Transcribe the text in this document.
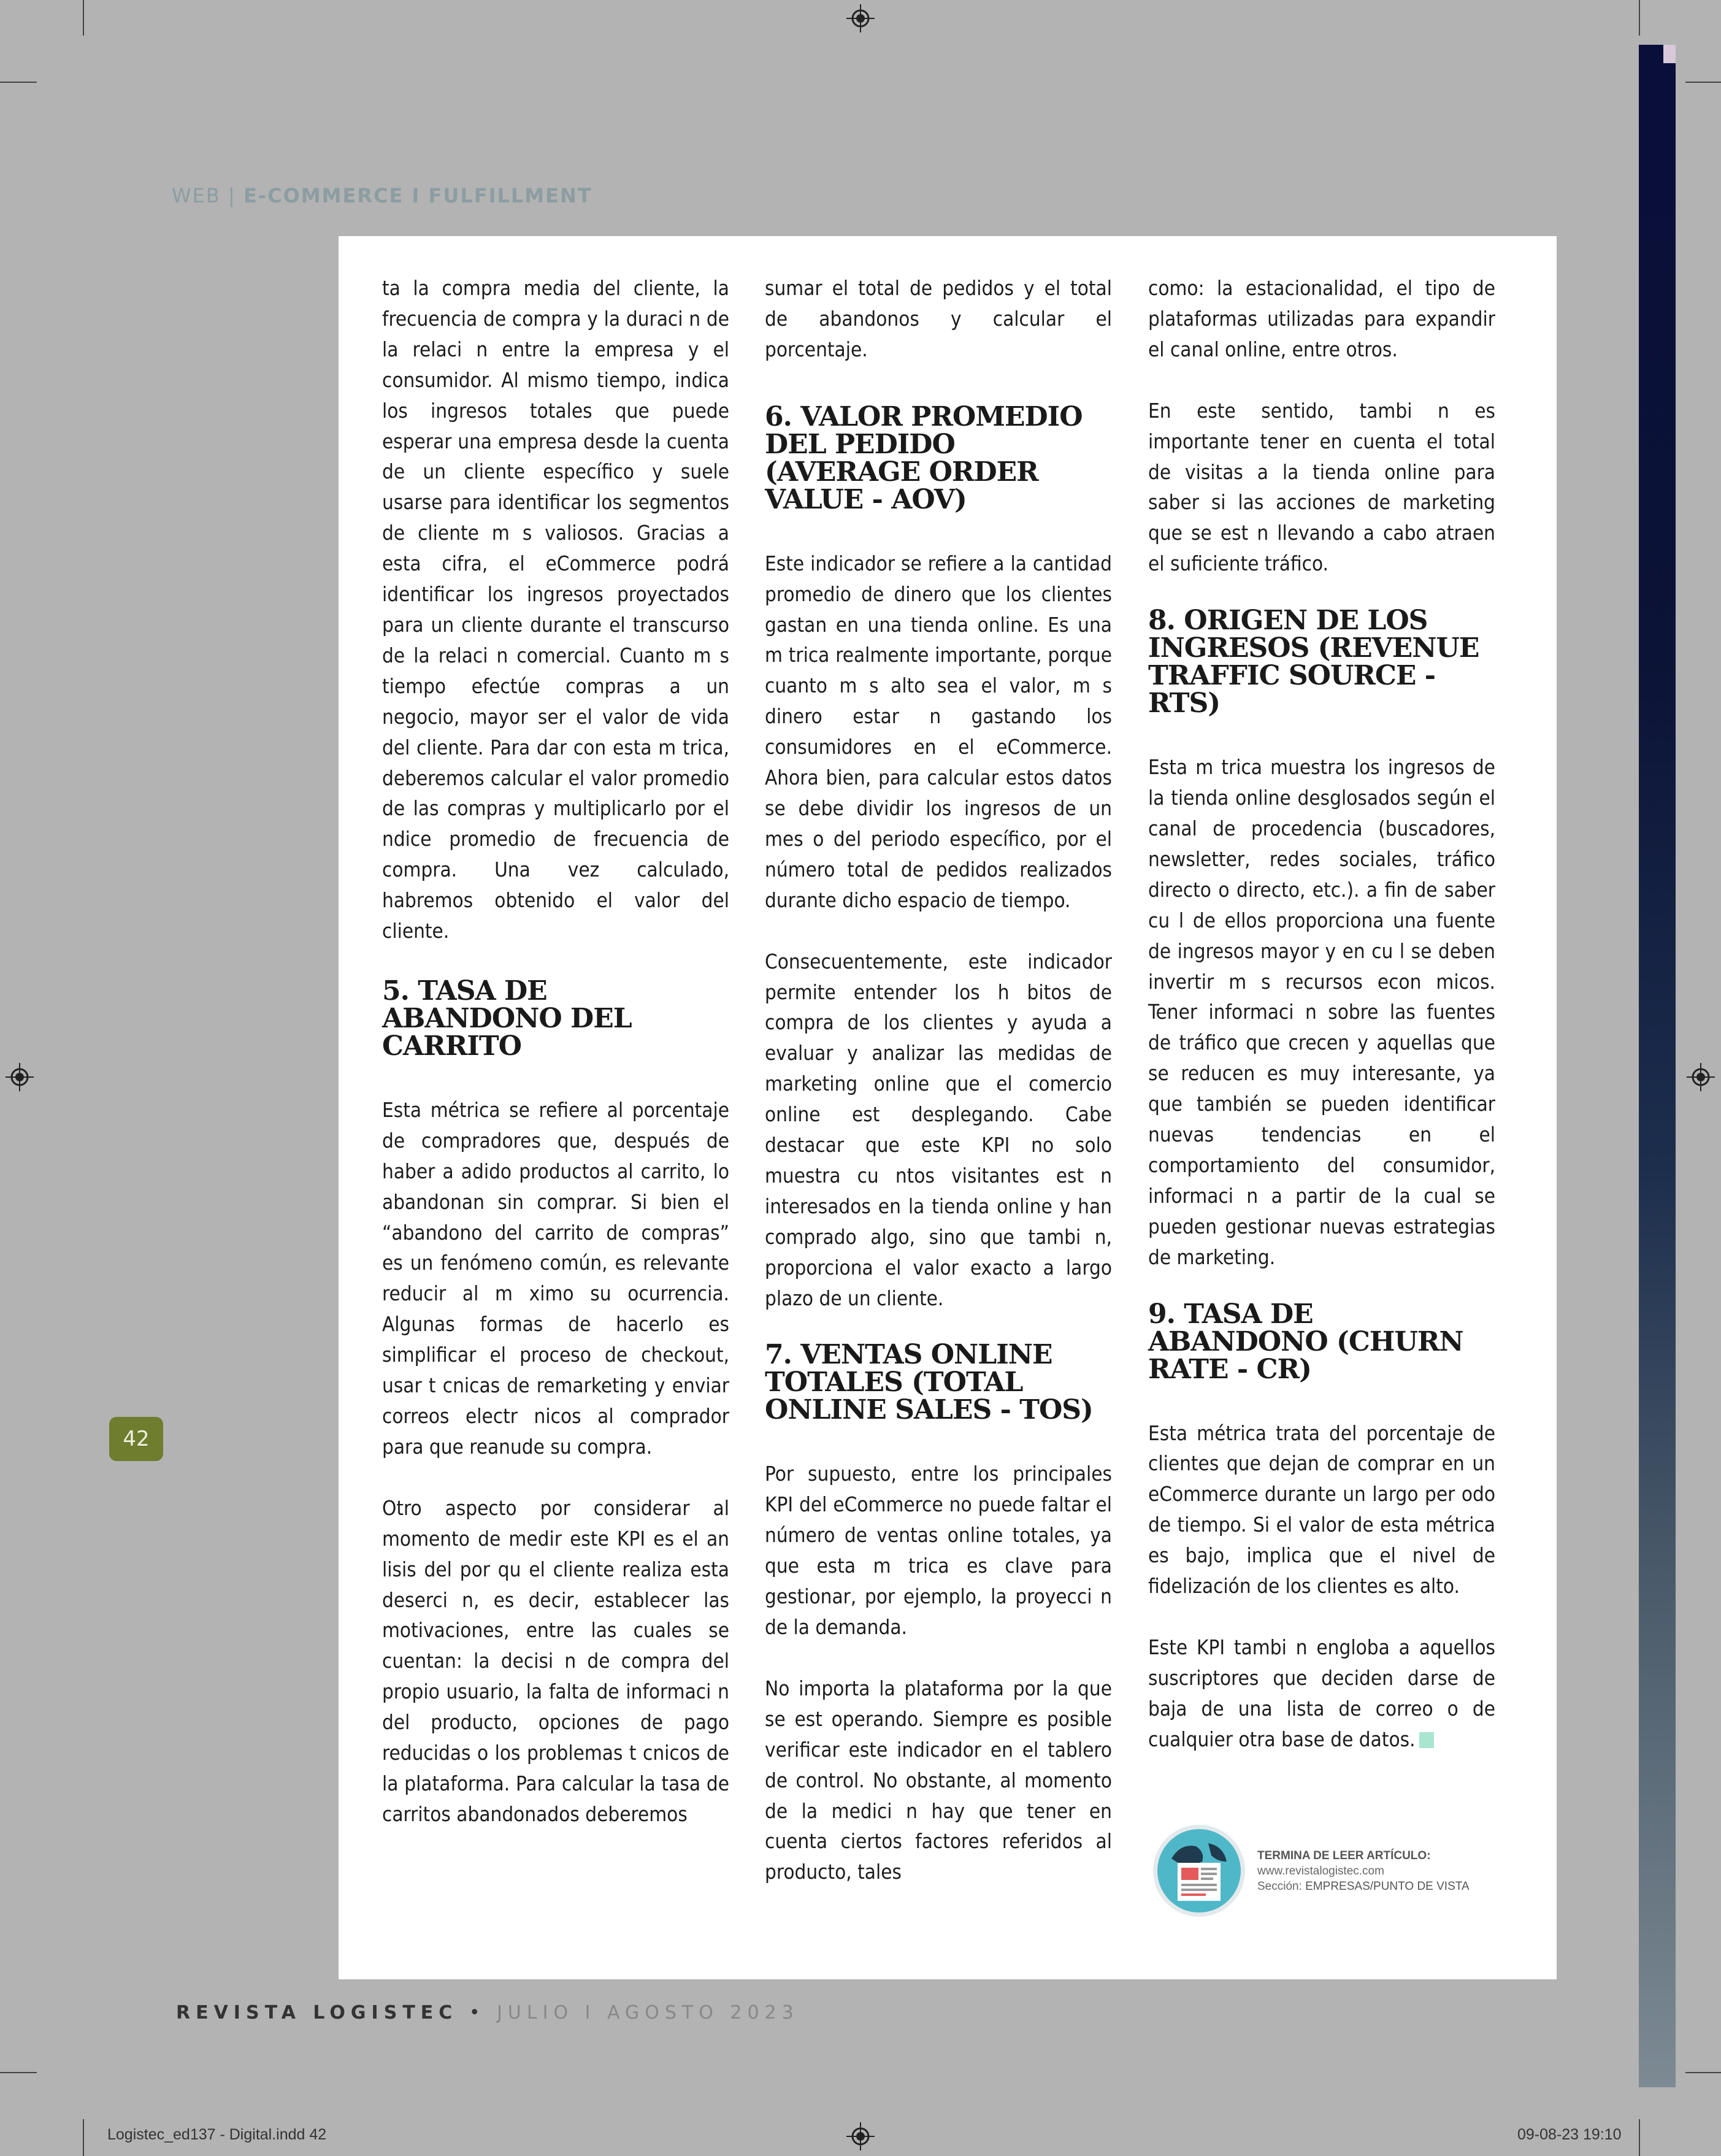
WEB | E-COMMERCE I FULFILLMENT

ta la compra media del cliente, la frecuencia de compra y la duraci n de la relaci n entre la empresa y el consumidor. Al mismo tiempo, indica los ingresos totales que puede esperar una empresa desde la cuenta de un cliente específico y suele usarse para identificar los segmentos de cliente m s valiosos. Gracias a esta cifra, el eCommerce podrá identificar los ingresos proyectados para un cliente durante el transcurso de la relaci n comercial. Cuanto m s tiempo efectúe compras a un negocio, mayor ser el valor de vida del cliente. Para dar con esta m trica, deberemos calcular el valor promedio de las compras y multiplicarlo por el ndice promedio de frecuencia de compra. Una vez calculado, habremos obtenido el valor del cliente.

5. TASA DE ABANDONO DEL CARRITO

Esta métrica se refiere al porcentaje de compradores que, después de haber a adido productos al carrito, lo abandonan sin comprar. Si bien el “abandono del carrito de compras” es un fenómeno común, es relevante reducir al m ximo su ocurrencia. Algunas formas de hacerlo es simplificar el proceso de checkout, usar t cnicas de remarketing y enviar correos electr nicos al comprador para que reanude su compra.

Otro aspecto por considerar al momento de medir este KPI es el an lisis del por qu el cliente realiza esta deserci n, es decir, establecer las motivaciones, entre las cuales se cuentan: la decisi n de compra del propio usuario, la falta de informaci n del producto, opciones de pago reducidas o los problemas t cnicos de la plataforma. Para calcular la tasa de carritos abandonados deberemos

sumar el total de pedidos y el total de abandonos y calcular el porcentaje.

6. VALOR PROMEDIO DEL PEDIDO (AVERAGE ORDER VALUE - AOV)

Este indicador se refiere a la cantidad promedio de dinero que los clientes gastan en una tienda online. Es una m trica realmente importante, porque cuanto m s alto sea el valor, m s dinero estar n gastando los consumidores en el eCommerce. Ahora bien, para calcular estos datos se debe dividir los ingresos de un mes o del periodo específico, por el número total de pedidos realizados durante dicho espacio de tiempo.

Consecuentemente, este indicador permite entender los h bitos de compra de los clientes y ayuda a evaluar y analizar las medidas de marketing online que el comercio online est desplegando. Cabe destacar que este KPI no solo muestra cu ntos visitantes est n interesados en la tienda online y han comprado algo, sino que tambi n, proporciona el valor exacto a largo plazo de un cliente.

7. VENTAS ONLINE TOTALES (TOTAL ONLINE SALES - TOS)

Por supuesto, entre los principales KPI del eCommerce no puede faltar el número de ventas online totales, ya que esta m trica es clave para gestionar, por ejemplo, la proyecci n de la demanda.

No importa la plataforma por la que se est operando. Siempre es posible verificar este indicador en el tablero de control. No obstante, al momento de la medici n hay que tener en cuenta ciertos factores referidos al producto, tales

como: la estacionalidad, el tipo de plataformas utilizadas para expandir el canal online, entre otros.

En este sentido, tambi n es importante tener en cuenta el total de visitas a la tienda online para saber si las acciones de marketing que se est n llevando a cabo atraen el suficiente tráfico.

8. ORIGEN DE LOS INGRESOS (REVENUE TRAFFIC SOURCE - RTS)

Esta m trica muestra los ingresos de la tienda online desglosados según el canal de procedencia (buscadores, newsletter, redes sociales, tráfico directo o directo, etc.). a fin de saber cu l de ellos proporciona una fuente de ingresos mayor y en cu l se deben invertir m s recursos econ micos. Tener informaci n sobre las fuentes de tráfico que crecen y aquellas que se reducen es muy interesante, ya que también se pueden identificar nuevas tendencias en el comportamiento del consumidor, informaci n a partir de la cual se pueden gestionar nuevas estrategias de marketing.

9. TASA DE ABANDONO (CHURN RATE - CR)

Esta métrica trata del porcentaje de clientes que dejan de comprar en un eCommerce durante un largo per odo de tiempo. Si el valor de esta métrica es bajo, implica que el nivel de fidelización de los clientes es alto.

Este KPI tambi n engloba a aquellos suscriptores que deciden darse de baja de una lista de correo o de cualquier otra base de datos.

TERMINA DE LEER ARTÍCULO:
www.revistalogistec.com
Sección: EMPRESAS/PUNTO DE VISTA
42
REVISTA LOGISTEC • JULIO I AGOSTO 2023
Logistec_ed137 - Digital.indd 42	09-08-23 19:10
